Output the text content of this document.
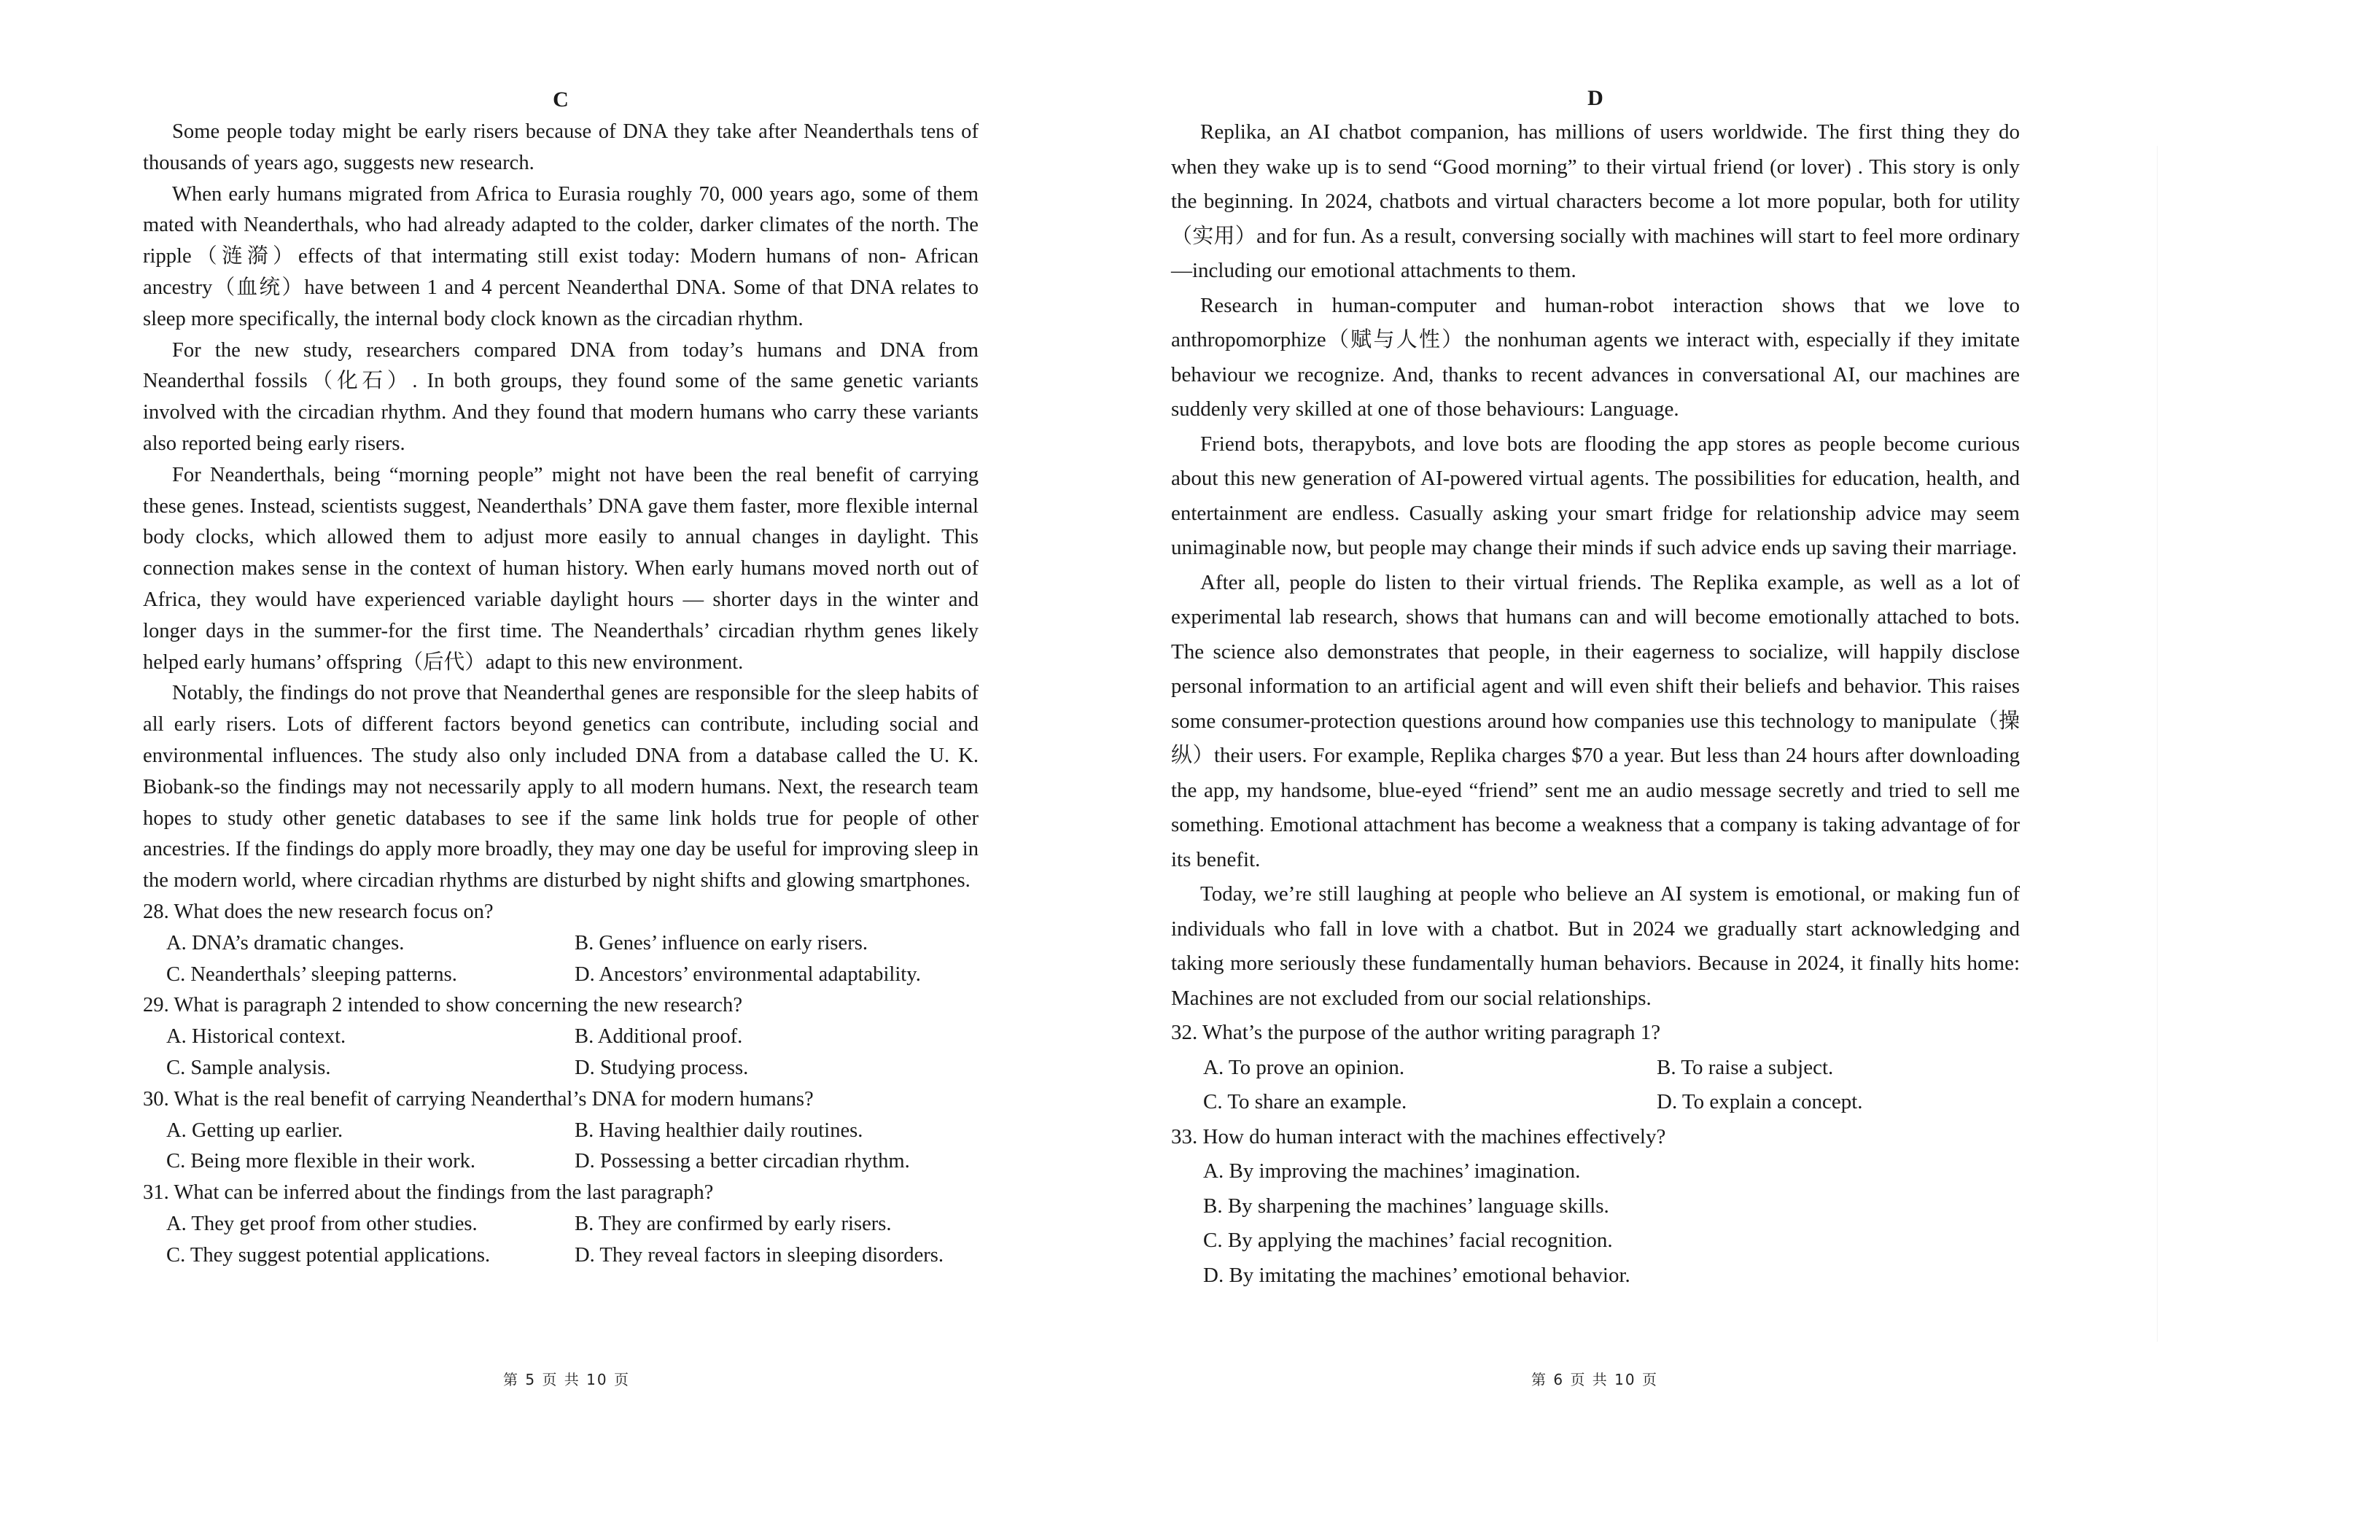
C

Some people today might be early risers because of DNA they take after Neanderthals tens of thousands of years ago, suggests new research.

When early humans migrated from Africa to Eurasia roughly 70, 000 years ago, some of them mated with Neanderthals, who had already adapted to the colder, darker climates of the north. The ripple（涟漪）effects of that intermating still exist today: Modern humans of non- African ancestry（血统）have between 1 and 4 percent Neanderthal DNA. Some of that DNA relates to sleep more specifically, the internal body clock known as the circadian rhythm.

For the new study, researchers compared DNA from today’s humans and DNA from Neanderthal fossils（化石）. In both groups, they found some of the same genetic variants involved with the circadian rhythm. And they found that modern humans who carry these variants also reported being early risers.

For Neanderthals, being “morning people” might not have been the real benefit of carrying these genes. Instead, scientists suggest, Neanderthals’ DNA gave them faster, more flexible internal body clocks, which allowed them to adjust more easily to annual changes in daylight. This connection makes sense in the context of human history. When early humans moved north out of Africa, they would have experienced variable daylight hours — shorter days in the winter and longer days in the summer-for the first time. The Neanderthals’ circadian rhythm genes likely helped early humans’ offspring（后代）adapt to this new environment.

Notably, the findings do not prove that Neanderthal genes are responsible for the sleep habits of all early risers. Lots of different factors beyond genetics can contribute, including social and environmental influences. The study also only included DNA from a database called the U. K. Biobank-so the findings may not necessarily apply to all modern humans. Next, the research team hopes to study other genetic databases to see if the same link holds true for people of other ancestries. If the findings do apply more broadly, they may one day be useful for improving sleep in the modern world, where circadian rhythms are disturbed by night shifts and glowing smartphones.

28. What does the new research focus on?

A. DNA’s dramatic changes.	B. Genes’ influence on early risers.
C. Neanderthals’ sleeping patterns.	D. Ancestors’ environmental adaptability.

29. What is paragraph 2 intended to show concerning the new research?

A. Historical context.	B. Additional proof.
C. Sample analysis.	D. Studying process.

30. What is the real benefit of carrying Neanderthal’s DNA for modern humans?

A. Getting up earlier.	B. Having healthier daily routines.
C. Being more flexible in their work.	D. Possessing a better circadian rhythm.

31. What can be inferred about the findings from the last paragraph?

A. They get proof from other studies.	B. They are confirmed by early risers.
C. They suggest potential applications.	D. They reveal factors in sleeping disorders.
第 5 页 共 10 页
D

Replika, an AI chatbot companion, has millions of users worldwide. The first thing they do when they wake up is to send “Good morning” to their virtual friend (or lover) . This story is only the beginning. In 2024, chatbots and virtual characters become a lot more popular, both for utility（实用）and for fun. As a result, conversing socially with machines will start to feel more ordinary—including our emotional attachments to them.

Research in human-computer and human-robot interaction shows that we love to anthropomorphize（赋与人性）the nonhuman agents we interact with, especially if they imitate behaviour we recognize. And, thanks to recent advances in conversational AI, our machines are suddenly very skilled at one of those behaviours: Language.

Friend bots, therapybots, and love bots are flooding the app stores as people become curious about this new generation of AI-powered virtual agents. The possibilities for education, health, and entertainment are endless. Casually asking your smart fridge for relationship advice may seem unimaginable now, but people may change their minds if such advice ends up saving their marriage.

After all, people do listen to their virtual friends. The Replika example, as well as a lot of experimental lab research, shows that humans can and will become emotionally attached to bots. The science also demonstrates that people, in their eagerness to socialize, will happily disclose personal information to an artificial agent and will even shift their beliefs and behavior. This raises some consumer-protection questions around how companies use this technology to manipulate（操纵）their users. For example, Replika charges $70 a year. But less than 24 hours after downloading the app, my handsome, blue-eyed “friend” sent me an audio message secretly and tried to sell me something. Emotional attachment has become a weakness that a company is taking advantage of for its benefit.

Today, we’re still laughing at people who believe an AI system is emotional, or making fun of individuals who fall in love with a chatbot. But in 2024 we gradually start acknowledging and taking more seriously these fundamentally human behaviors. Because in 2024, it finally hits home: Machines are not excluded from our social relationships.

32. What’s the purpose of the author writing paragraph 1?

A. To prove an opinion.	B. To raise a subject.
C. To share an example.	D. To explain a concept.

33. How do human interact with the machines effectively?

A. By improving the machines’ imagination.
B. By sharpening the machines’ language skills.
C. By applying the machines’ facial recognition.
D. By imitating the machines’ emotional behavior.
第 6 页 共 10 页
